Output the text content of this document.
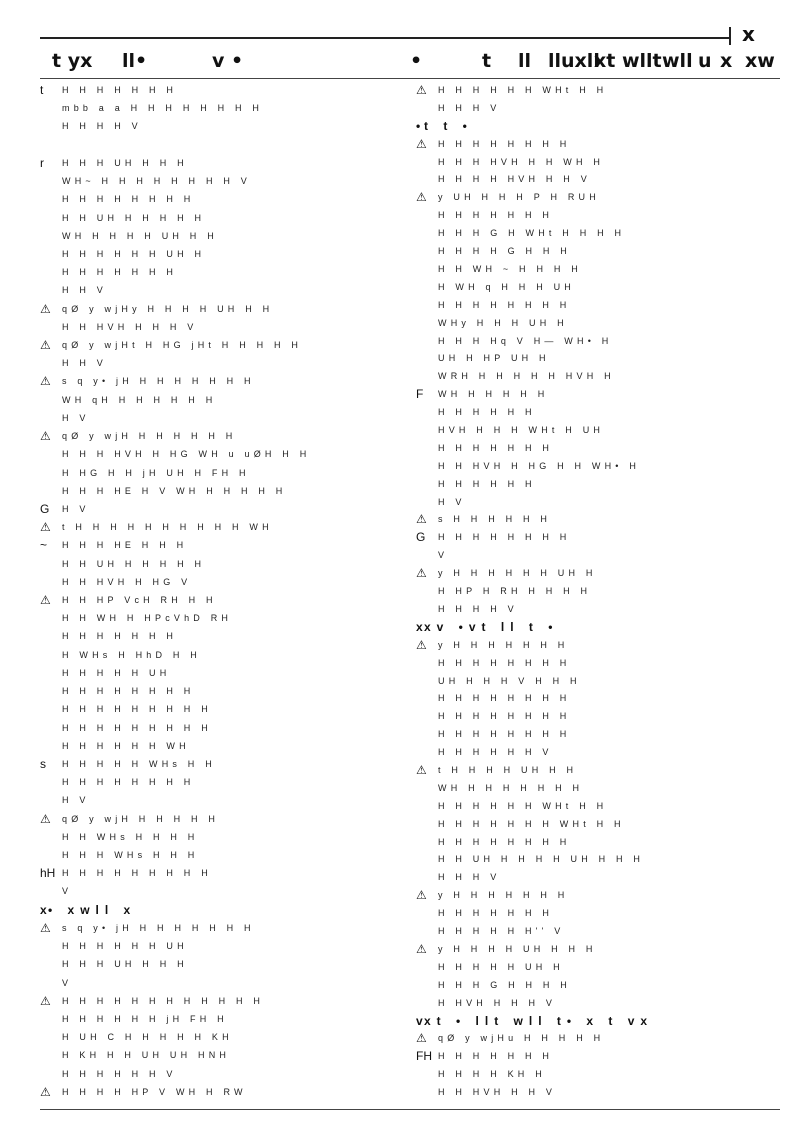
x
t yx ll•	v •	•	t ll lluxll
xt wllt wll u x xw
t H H H H H H H
mbb a a H H H H H H H H
H H H H V
r H H H UH H H H
WH~ H H H H H H H H V
H H H H H H H H
H H UH H H H H H
WH H H H H UH H H
H H H H H H UH H
H H H H H H H
H H V
⚠ qØ y wjHy H H H H UH H H
H H HVH H H H V
⚠ qØ y wjHt H HG jHt H H H H H
H H V
⚠ s q y• jH H H H H H H H
WH qH H H H H H H
H V
⚠ qØ y wjH H H H H H H
H H H HVH H HG WH u uØH H H
H HG H H jH UH H FH H
H H H HE H V WH H H H H H
G H V
⚠ t H H H H H H H H H H WH
~ H H H HE H H H
H H UH H H H H H
H H HVH H HG V
⚠ H H HP VcH RH H H
H H WH H HPcVhD RH
H H H H H H H
H WHs H HhD H H
H H H H H UH
H H H H H H H H
H H H H H H H H H
H H H H H H H H H
H H H H H H WH
s H H H H H WHs H H
H H H H H H H H
H V
⚠ qØ y wjH H H H H H
H H WHs H H H H
H H H WHs H H H
hH H H H H H H H H H
V
x • xwll x
⚠ s q y• jH H H H H H H H
H H H H H H UH
H H H UH H H H
V
⚠ H H H H H H H H H H H H
H H H H H H jH FH H
H UH C H H H H H KH
H KH H H UH UH HNH
H H H H H H V
⚠ H H H H HP V WH H RW
⚠ H H H H H H WHt H H
H H H V
• t t •
⚠ H H H H H H H H
H H H HVH H H WH H
H H H H HVH H H V
⚠ y UH H H H P H RUH
H H H H H H H
H H H G H WHt H H H H
H H H H G H H H
H H WH ~ H H H H
H WH q H H H UH
H H H H H H H H
WHy H H H UH H
H H H Hq V H— WH• H
UH H HP UH H
WRH H H H H H HVH H
F WH H H H H H
H H H H H H
HVH H H H WHt H UH
H H H H H H H
H H HVH H HG H H WH• H
H H H H H H
H V
⚠ s H H H H H H
G H H H H H H H H
V
⚠ y H H H H H H UH H
H HP H RH H H H H
H H H H V
x xv •vt ll t •
⚠ y H H H H H H H
H H H H H H H H
UH H H H V H H H
H H H H H H H H
H H H H H H H H
H H H H H H H H
H H H H H H V
⚠ t H H H H UH H H
WH H H H H H H H
H H H H H H WHt H H
H H H H H H H WHt H H
H H H H H H H H
H H UH H H H H UH H H H
H H H V
⚠ y H H H H H H H
H H H H H H H
H H H H H H'' V
⚠ y H H H H UH H H H
H H H H H UH H
H H H G H H H H
H HVH H H H V
v xt • llt wll t• x t vx
⚠ qØ y wjHu H H H H H
FH H H H H H H H
H H H H KH H
H H HVH H H V
